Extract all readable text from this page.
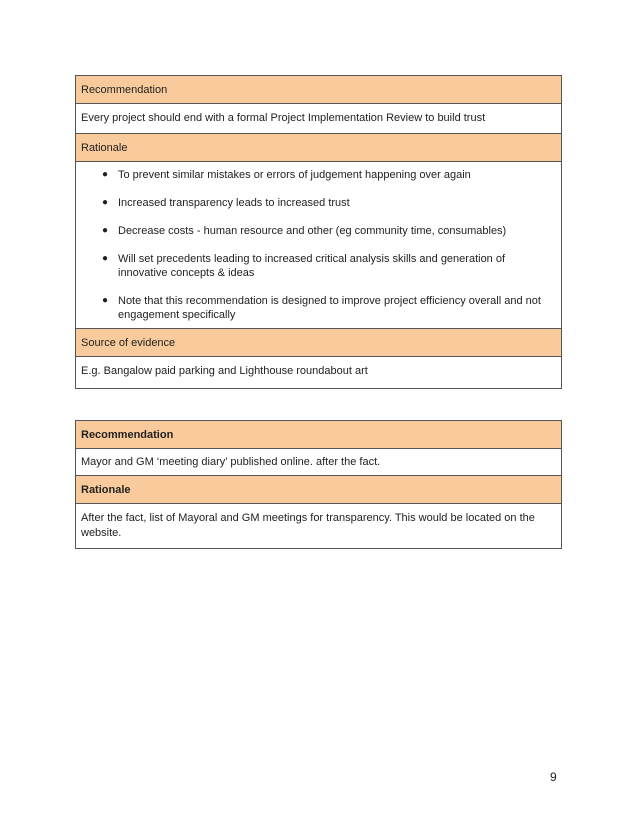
Recommendation
Every project should end with a formal Project Implementation Review to build trust
Rationale
● To prevent similar mistakes or errors of judgement happening over again
● Increased transparency leads to increased trust
● Decrease costs - human resource and other (eg community time, consumables)
● Will set precedents leading to increased critical analysis skills and generation of innovative concepts & ideas
● Note that this recommendation is designed to improve project efficiency overall and not engagement specifically
Source of evidence
E.g. Bangalow paid parking and Lighthouse roundabout art
Recommendation
Mayor and GM ‘meeting diary’ published online. after the fact.
Rationale
After the fact, list of Mayoral and GM meetings for transparency. This would be located on the website.
9
